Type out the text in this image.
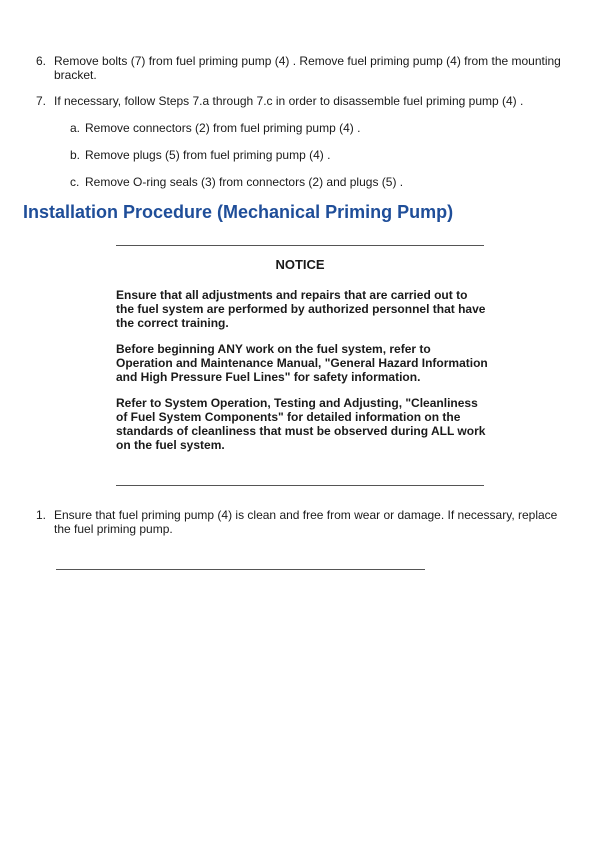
6. Remove bolts (7) from fuel priming pump (4) . Remove fuel priming pump (4) from the mounting bracket.
7. If necessary, follow Steps 7.a through 7.c in order to disassemble fuel priming pump (4) .
a. Remove connectors (2) from fuel priming pump (4) .
b. Remove plugs (5) from fuel priming pump (4) .
c. Remove O-ring seals (3) from connectors (2) and plugs (5) .
Installation Procedure (Mechanical Priming Pump)
NOTICE

Ensure that all adjustments and repairs that are carried out to the fuel system are performed by authorized personnel that have the correct training.

Before beginning ANY work on the fuel system, refer to Operation and Maintenance Manual, "General Hazard Information and High Pressure Fuel Lines" for safety information.

Refer to System Operation, Testing and Adjusting, "Cleanliness of Fuel System Components" for detailed information on the standards of cleanliness that must be observed during ALL work on the fuel system.

1. Ensure that fuel priming pump (4) is clean and free from wear or damage. If necessary, replace the fuel priming pump.
